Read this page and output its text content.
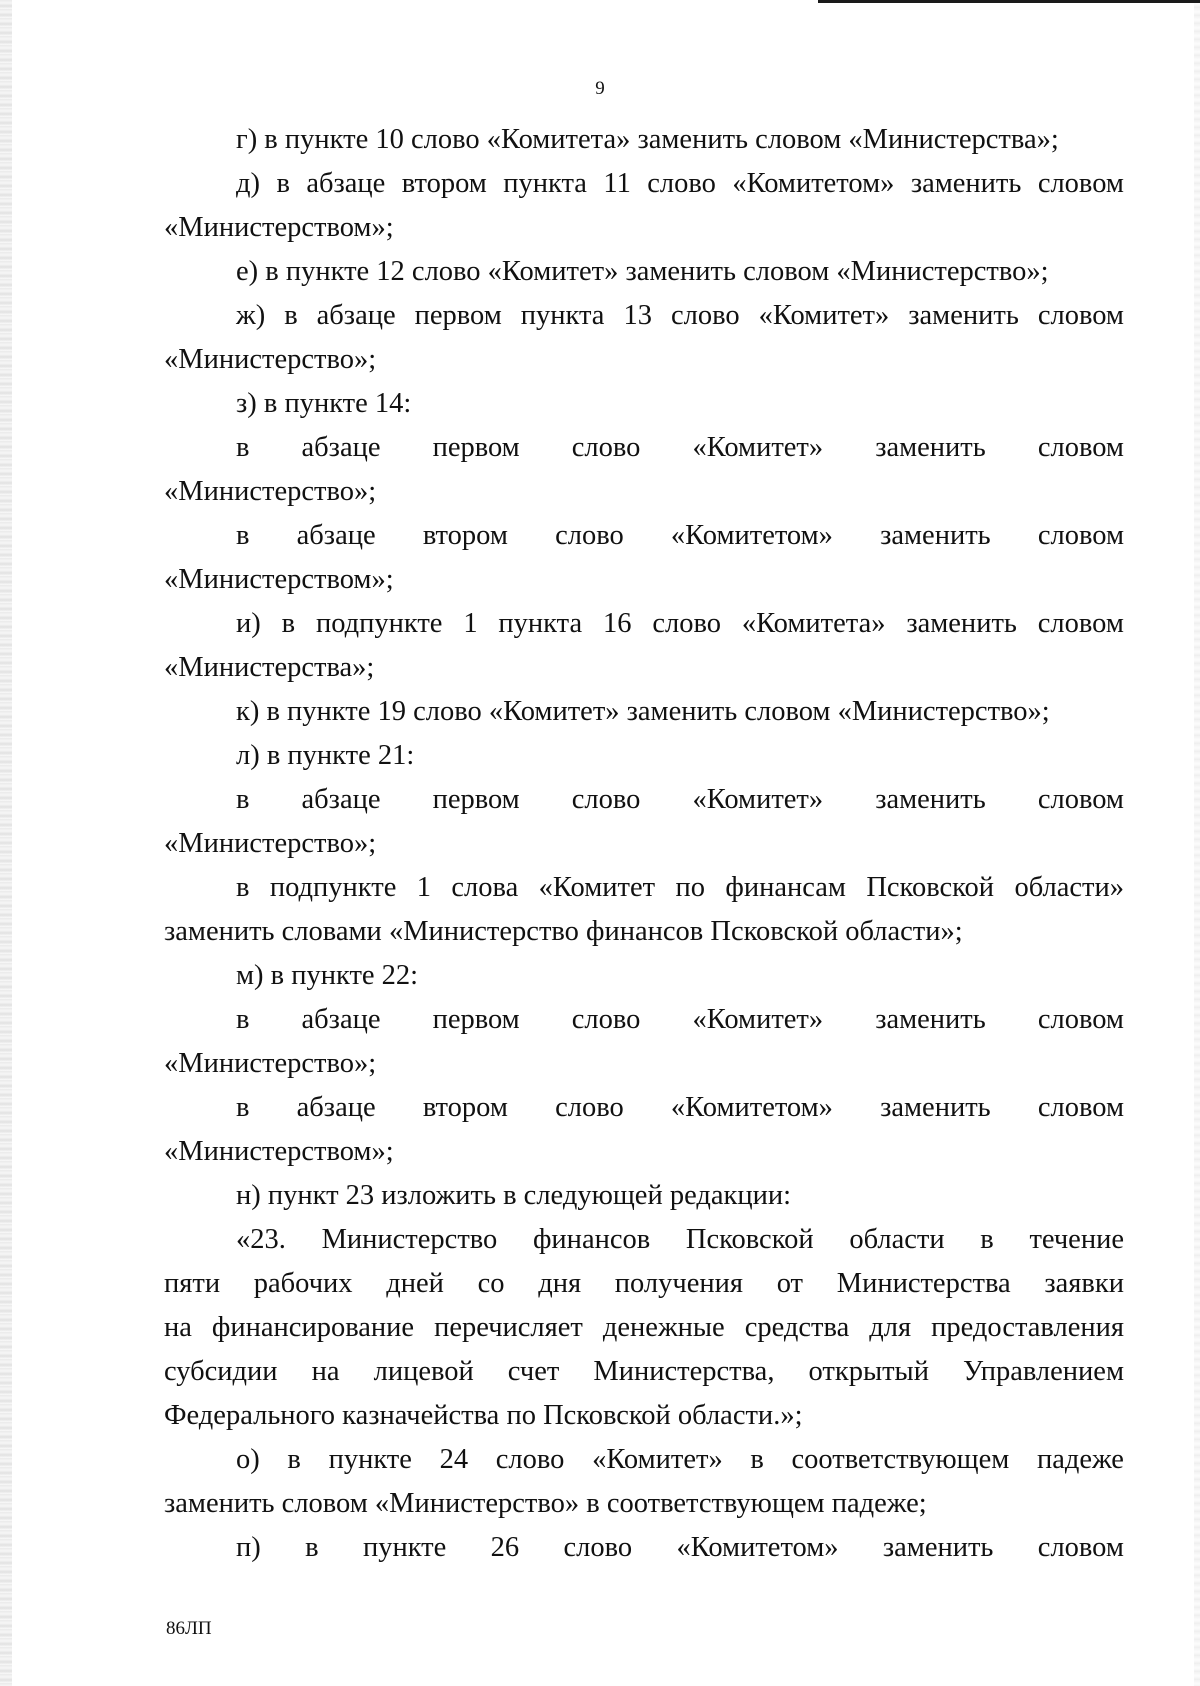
9
г) в пункте 10 слово «Комитета» заменить словом «Министерства»;
д) в абзаце втором пункта 11 слово «Комитетом» заменить словом
«Министерством»;
е) в пункте 12 слово «Комитет» заменить словом «Министерство»;
ж) в абзаце первом пункта 13 слово «Комитет» заменить словом
«Министерство»;
з) в пункте 14:
в абзаце первом слово «Комитет» заменить словом
«Министерство»;
в абзаце втором слово «Комитетом» заменить словом
«Министерством»;
и) в подпункте 1 пункта 16 слово «Комитета» заменить словом
«Министерства»;
к) в пункте 19 слово «Комитет» заменить словом «Министерство»;
л) в пункте 21:
в абзаце первом слово «Комитет» заменить словом
«Министерство»;
в подпункте 1 слова «Комитет по финансам Псковской области»
заменить словами «Министерство финансов Псковской области»;
м) в пункте 22:
в абзаце первом слово «Комитет» заменить словом
«Министерство»;
в абзаце втором слово «Комитетом» заменить словом
«Министерством»;
н) пункт 23 изложить в следующей редакции:
«23. Министерство финансов Псковской области в течение
пяти рабочих дней со дня получения от Министерства заявки
на финансирование перечисляет денежные средства для предоставления
субсидии на лицевой счет Министерства, открытый Управлением
Федерального казначейства по Псковской области.»;
о) в пункте 24 слово «Комитет» в соответствующем падеже
заменить словом «Министерство» в соответствующем падеже;
п) в пункте 26 слово «Комитетом» заменить словом
86ЛП
